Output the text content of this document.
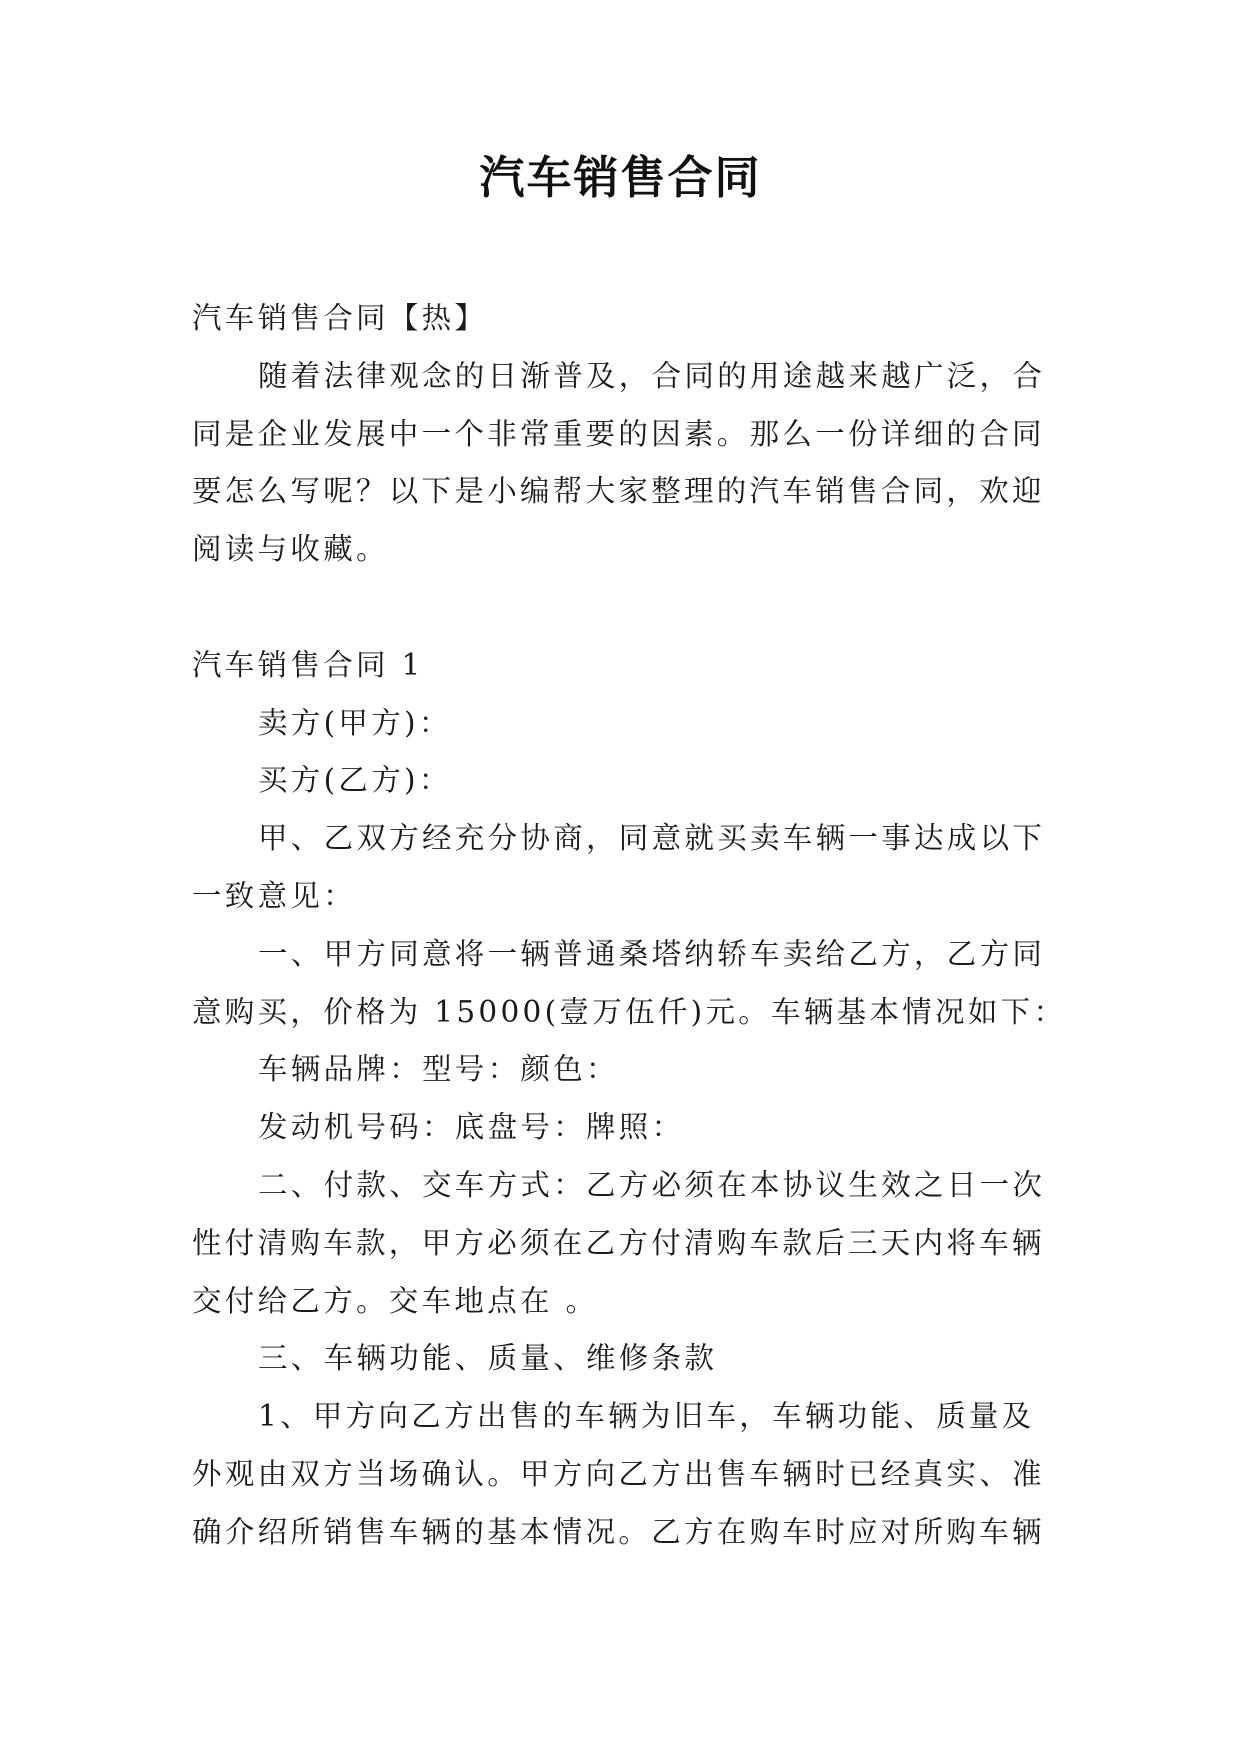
汽车销售合同

汽车销售合同【热】

随着法律观念的日渐普及，合同的用途越来越广泛，合

同是企业发展中一个非常重要的因素。那么一份详细的合同

要怎么写呢？以下是小编帮大家整理的汽车销售合同，欢迎

阅读与收藏。

汽车销售合同 1

卖方(甲方)：

买方(乙方)：

甲、乙双方经充分协商，同意就买卖车辆一事达成以下

一致意见：

一、甲方同意将一辆普通桑塔纳轿车卖给乙方，乙方同

意购买，价格为 15000(壹万伍仟)元。车辆基本情况如下：

车辆品牌：型号：颜色：

发动机号码：底盘号：牌照：

二、付款、交车方式：乙方必须在本协议生效之日一次

性付清购车款，甲方必须在乙方付清购车款后三天内将车辆

交付给乙方。交车地点在 。

三、车辆功能、质量、维修条款

1、甲方向乙方出售的车辆为旧车，车辆功能、质量及

外观由双方当场确认。甲方向乙方出售车辆时已经真实、准

确介绍所销售车辆的基本情况。乙方在购车时应对所购车辆
